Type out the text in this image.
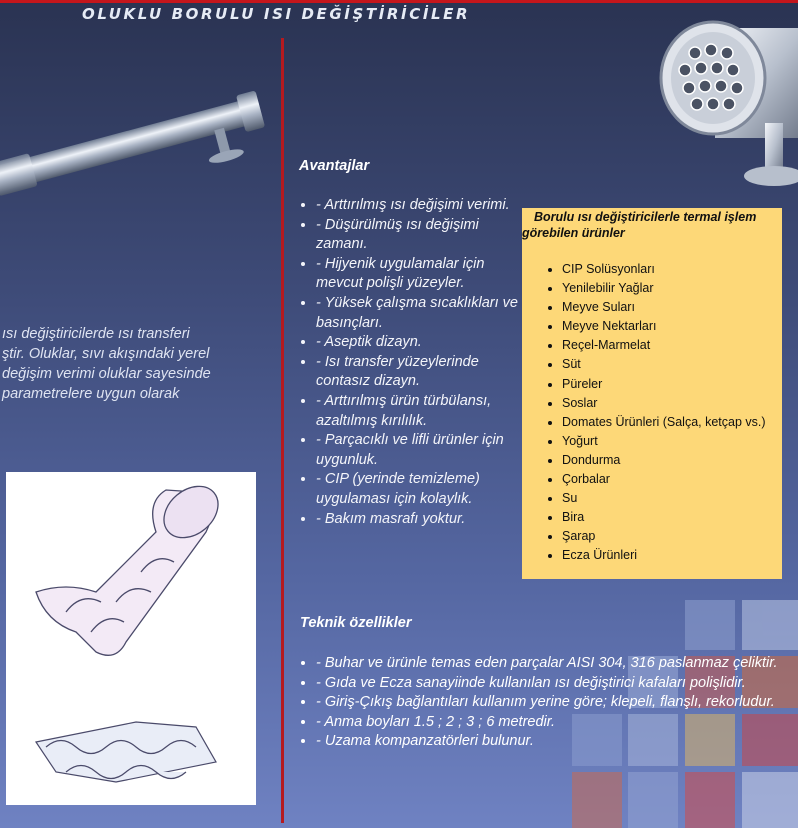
OLUKLU BORULU ISI DEĞİŞTİRİCİLER

ısı değiştiricilerde ısı transferi
ştir. Oluklar, sıvı akışındaki yerel
değişim verimi oluklar sayesinde
parametrelere uygun olarak

Avantajlar
• - Arttırılmış ısı değişimi verimi.
• - Düşürülmüş ısı değişimi zamanı.
• - Hijyenik uygulamalar için mevcut polişli yüzeyler.
• - Yüksek çalışma sıcaklıkları ve basınçları.
• - Aseptik dizayn.
• - Isı transfer yüzeylerinde contasız dizayn.
• - Arttırılmış ürün türbülansı, azaltılmış kırılılık.
• - Parçacıklı ve lifli ürünler için uygunluk.
• - CIP (yerinde temizleme) uygulaması için kolaylık.
• - Bakım masrafı yoktur.

Borulu ısı değiştiricilerle termal işlem görebilen ürünler

• CIP Solüsyonları
• Yenilebilir Yağlar
• Meyve Suları
• Meyve Nektarları
• Reçel-Marmelat
• Süt
• Püreler
• Soslar
• Domates Ürünleri (Salça, ketçap vs.)
• Yoğurt
• Dondurma
• Çorbalar
• Su
• Bira
• Şarap
• Ecza Ürünleri
Teknik özellikler
• - Buhar ve ürünle temas eden parçalar AISI 304, 316 paslanmaz çeliktir.
• - Gıda ve Ecza sanayiinde kullanılan ısı değiştirici kafaları polişlidir.
• - Giriş-Çıkış bağlantıları kullanım yerine göre; klepeli, flanşlı, rekorludur.
• - Anma boyları 1.5 ; 2 ; 3 ; 6 metredir.
• - Uzama kompanzatörleri bulunur.
